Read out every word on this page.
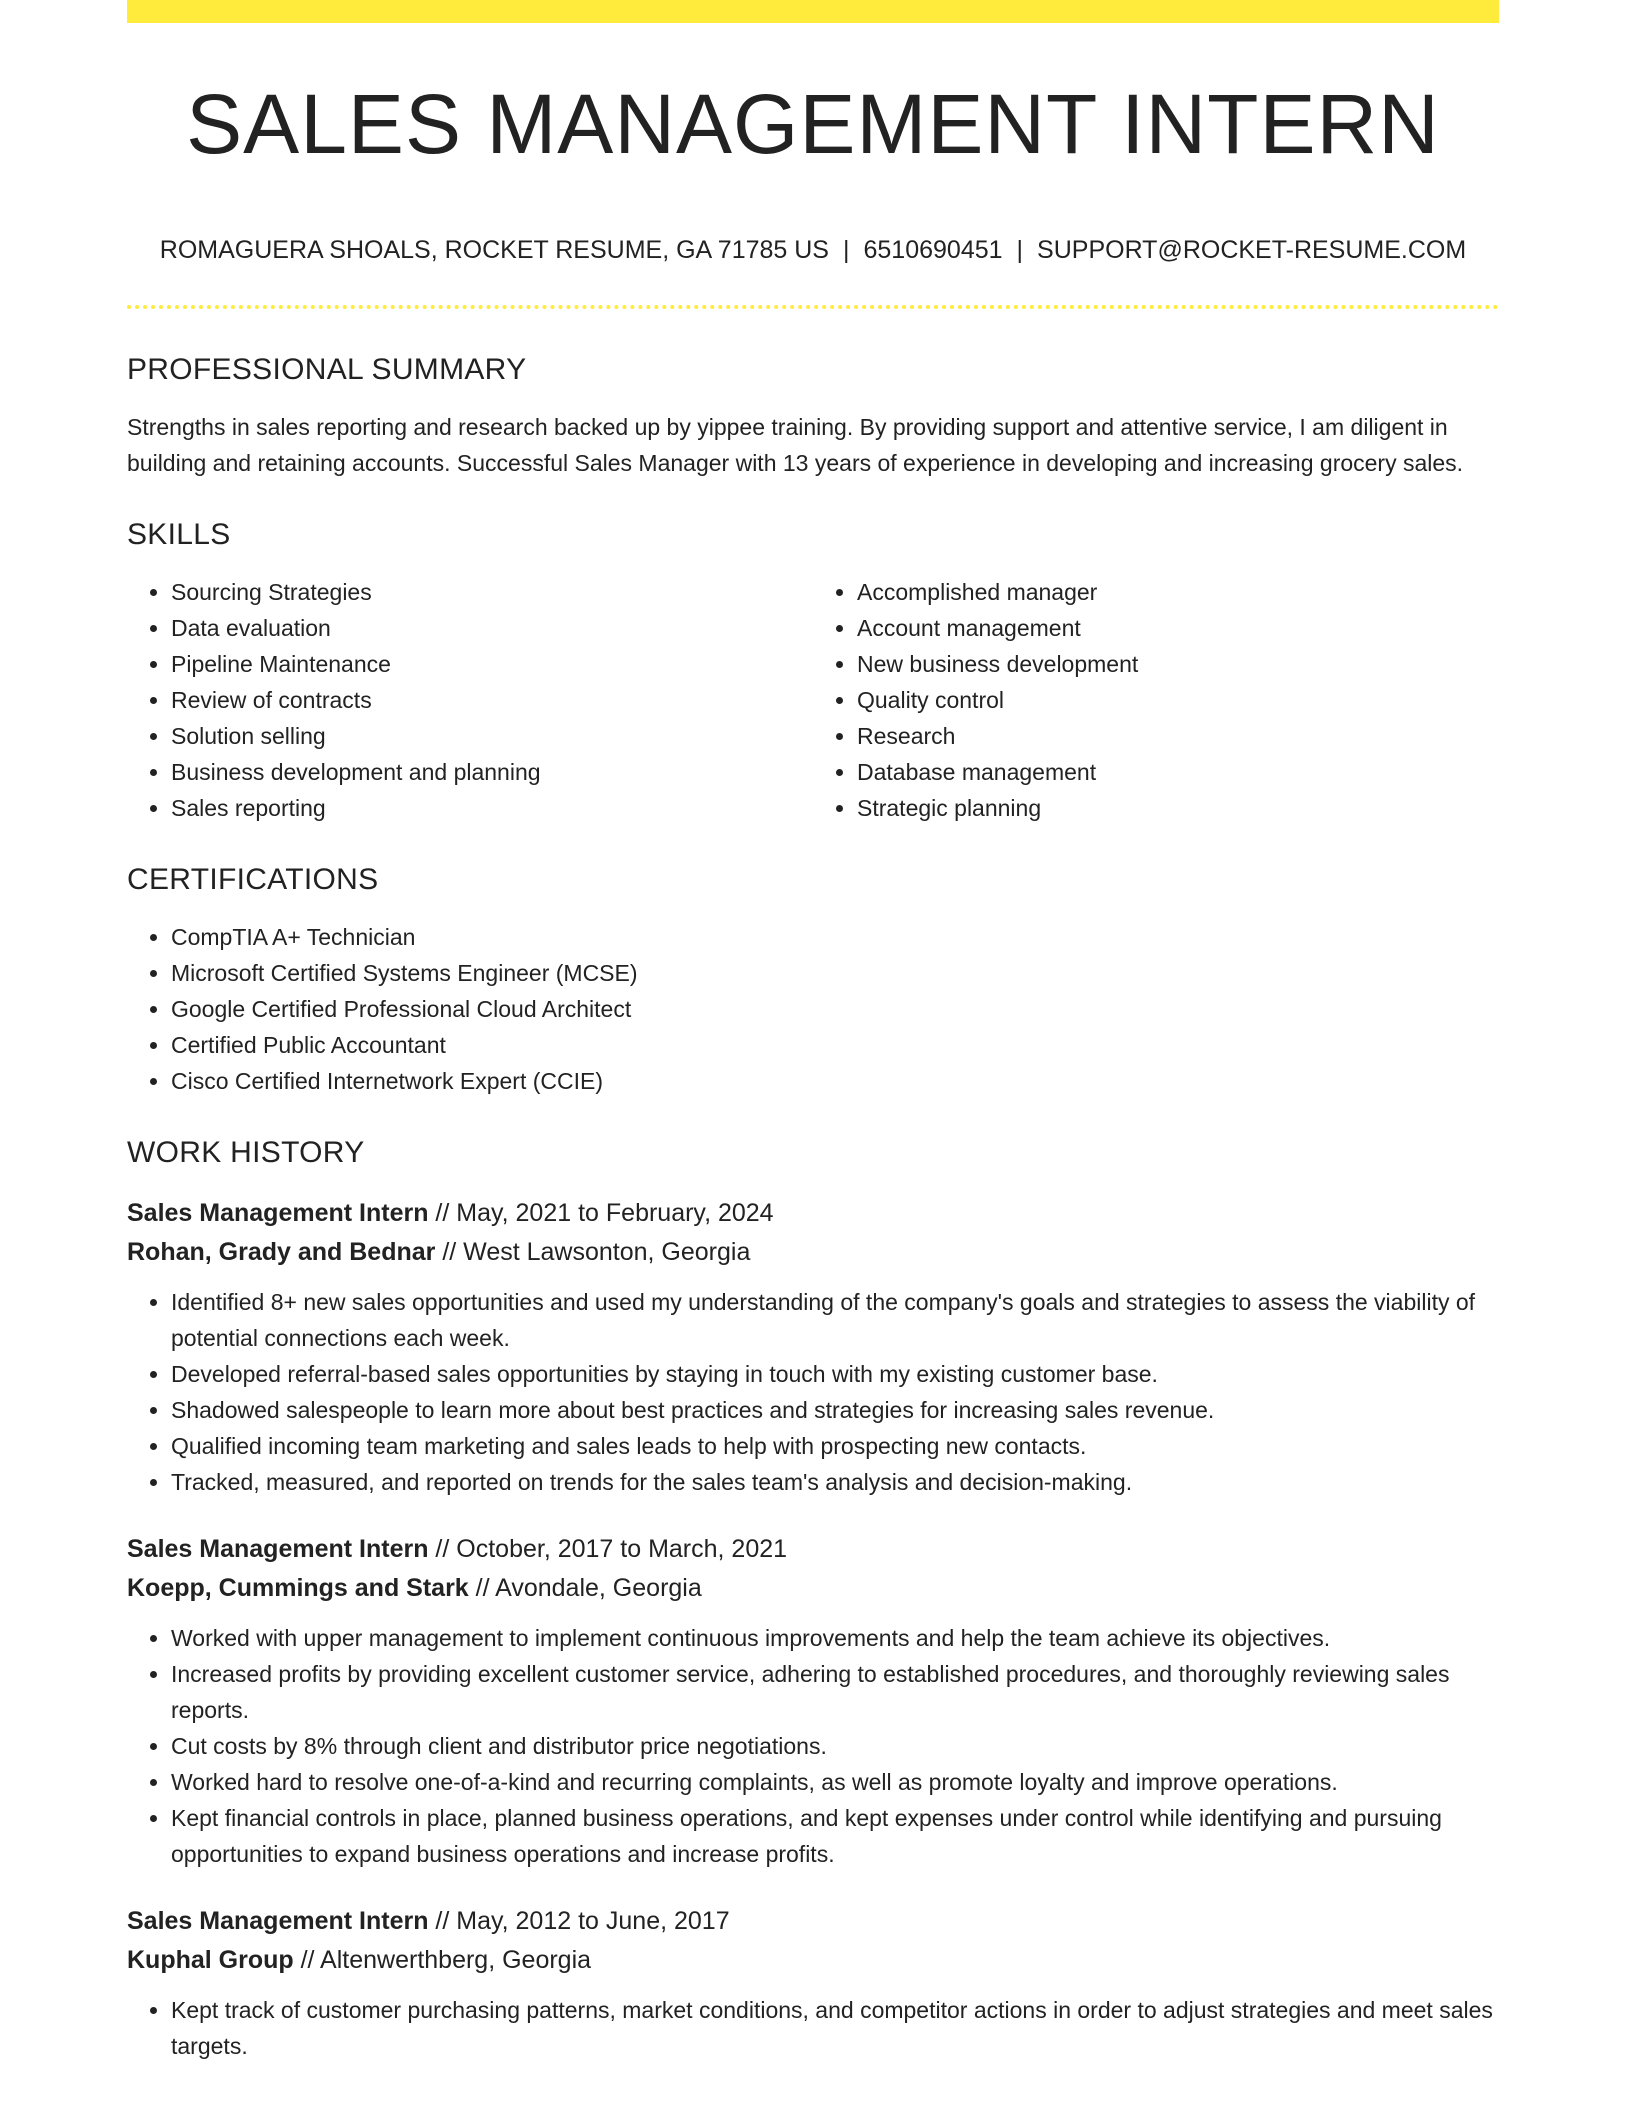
SALES MANAGEMENT INTERN
ROMAGUERA SHOALS, ROCKET RESUME, GA 71785 US | 6510690451 | SUPPORT@ROCKET-RESUME.COM
PROFESSIONAL SUMMARY

Strengths in sales reporting and research backed up by yippee training. By providing support and attentive service, I am diligent in building and retaining accounts. Successful Sales Manager with 13 years of experience in developing and increasing grocery sales.

SKILLS
• Sourcing Strategies
• Data evaluation
• Pipeline Maintenance
• Review of contracts
• Solution selling
• Business development and planning
• Sales reporting
• Accomplished manager
• Account management
• New business development
• Quality control
• Research
• Database management
• Strategic planning
CERTIFICATIONS
• CompTIA A+ Technician
• Microsoft Certified Systems Engineer (MCSE)
• Google Certified Professional Cloud Architect
• Certified Public Accountant
• Cisco Certified Internetwork Expert (CCIE)
WORK HISTORY

Sales Management Intern // May, 2021 to February, 2024

Rohan, Grady and Bednar // West Lawsonton, Georgia

• Identified 8+ new sales opportunities and used my understanding of the company's goals and strategies to assess the viability of potential connections each week.
• Developed referral-based sales opportunities by staying in touch with my existing customer base.
• Shadowed salespeople to learn more about best practices and strategies for increasing sales revenue.
• Qualified incoming team marketing and sales leads to help with prospecting new contacts.
• Tracked, measured, and reported on trends for the sales team's analysis and decision-making.

Sales Management Intern // October, 2017 to March, 2021

Koepp, Cummings and Stark // Avondale, Georgia

• Worked with upper management to implement continuous improvements and help the team achieve its objectives.
• Increased profits by providing excellent customer service, adhering to established procedures, and thoroughly reviewing sales reports.
• Cut costs by 8% through client and distributor price negotiations.
• Worked hard to resolve one-of-a-kind and recurring complaints, as well as promote loyalty and improve operations.
• Kept financial controls in place, planned business operations, and kept expenses under control while identifying and pursuing opportunities to expand business operations and increase profits.

Sales Management Intern // May, 2012 to June, 2017

Kuphal Group // Altenwerthberg, Georgia

• Kept track of customer purchasing patterns, market conditions, and competitor actions in order to adjust strategies and meet sales targets.
